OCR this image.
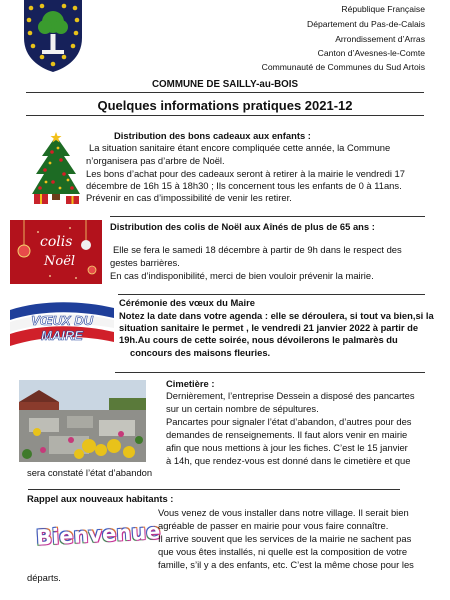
République Française
Département du Pas-de-Calais
Arrondissement d’Arras
Canton d’Avesnes-le-Comte
Communauté de Communes du Sud Artois
COMMUNE DE SAILLY-au-BOIS
Quelques informations pratiques 2021-12
Distribution des bons cadeaux aux enfants :
La situation sanitaire étant encore compliquée cette année, la Commune
n’organisera pas d’arbre de Noël.
Les bons d’achat pour des cadeaux seront à retirer à la mairie le vendredi 17
décembre de 16h 15 à 18h30 ; Ils concernent tous les enfants de 0 à 11ans.
Prévenir en cas d’impossibilité de venir les retirer.
colis
Noël
Distribution des colis de Noël aux Aînés de plus de 65 ans :
Elle se fera le samedi 18 décembre à partir de 9h dans le respect des
gestes barrières.
En cas d’indisponibilité, merci de bien vouloir prévenir la mairie.
VŒUX DU
MAIRE
Cérémonie des vœux du Maire
Notez la date dans votre agenda : elle se déroulera, si tout va bien,si la
situation sanitaire le permet , le vendredi 21 janvier 2022 à partir de
19h.Au cours de cette soirée, nous dévoilerons le palmarès du
concours des maisons fleuries.
Cimetière :
Dernièrement, l’entreprise Dessein a disposé des pancartes
sur un certain nombre de sépultures.
Pancartes pour signaler l’état d’abandon, d’autres pour des
demandes de renseignements. Il faut alors venir en mairie
afin que nous mettions à jour les fiches. C’est le 15 janvier
à 14h, que rendez-vous est donné dans le cimetière et que
sera constaté l’état d’abandon
Rappel aux nouveaux habitants :
Bienvenue
Vous venez de vous installer dans notre village. Il serait bien
agréable de passer en mairie pour vous faire connaître.
Il arrive souvent que les services de la mairie ne sachent pas
que vous êtes installés, ni quelle est la composition de votre
famille, s’il y a des enfants, etc. C’est la même chose pour les
départs.
